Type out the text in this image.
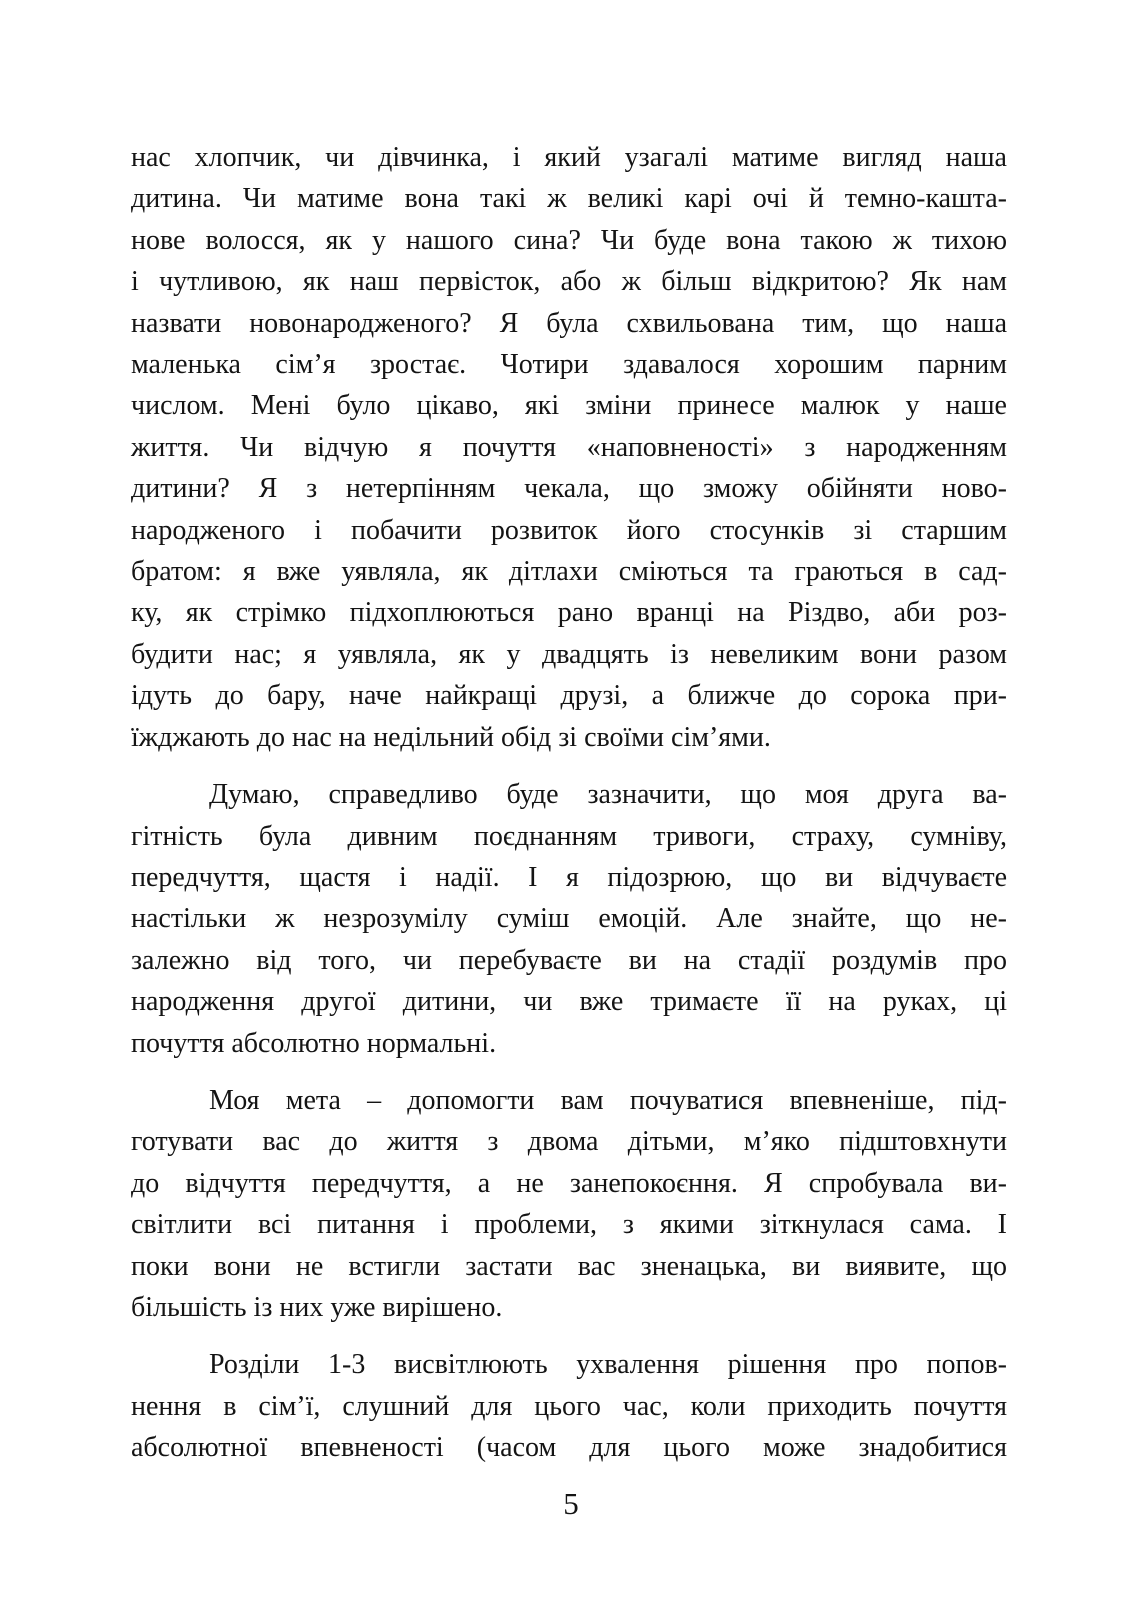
нас хлопчик, чи дівчинка, і який узагалі матиме вигляд наша
дитина. Чи матиме вона такі ж великі карі очі й темно-кашта-
нове волосся, як у нашого сина? Чи буде вона такою ж тихою
і чутливою, як наш первісток, або ж більш відкритою? Як нам
назвати новонародженого? Я була схвильована тим, що наша
маленька сім’я зростає. Чотири здавалося хорошим парним
числом. Мені було цікаво, які зміни принесе малюк у наше
життя. Чи відчую я почуття «наповненості» з народженням
дитини? Я з нетерпінням чекала, що зможу обійняти ново-
народженого і побачити розвиток його стосунків зі старшим
братом: я вже уявляла, як дітлахи сміються та граються в сад-
ку, як стрімко підхоплюються рано вранці на Різдво, аби роз-
будити нас; я уявляла, як у двадцять із невеликим вони разом
ідуть до бару, наче найкращі друзі, а ближче до сорока при-
їжджають до нас на недільний обід зі своїми сім’ями.

Думаю, справедливо буде зазначити, що моя друга ва-
гітність була дивним поєднанням тривоги, страху, сумніву,
передчуття, щастя і надії. І я підозрюю, що ви відчуваєте
настільки ж незрозумілу суміш емоцій. Але знайте, що не-
залежно від того, чи перебуваєте ви на стадії роздумів про
народження другої дитини, чи вже тримаєте її на руках, ці
почуття абсолютно нормальні.

Моя мета – допомогти вам почуватися впевненіше, під-
готувати вас до життя з двома дітьми, м’яко підштовхнути
до відчуття передчуття, а не занепокоєння. Я спробувала ви-
світлити всі питання і проблеми, з якими зіткнулася сама. І
поки вони не встигли застати вас зненацька, ви виявите, що
більшість із них уже вирішено.

Розділи 1-3 висвітлюють ухвалення рішення про попов-
нення в сім’ї, слушний для цього час, коли приходить почуття
абсолютної впевненості (часом для цього може знадобитися

5
